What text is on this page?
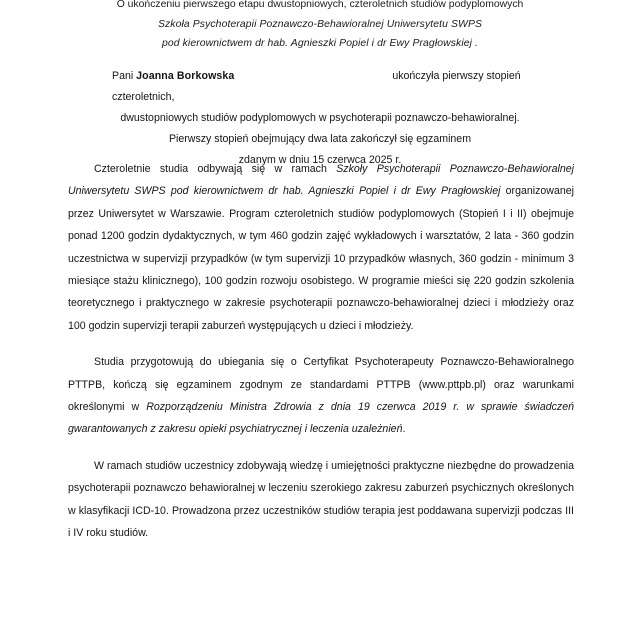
O ukończeniu pierwszego etapu dwustopniowych, czteroletnich studiów podyplomowych
Szkoła Psychoterapii Poznawczo-Behawioralnej Uniwersytetu SWPS
pod kierownictwem dr hab. Agnieszki Popiel i dr Ewy Pragłowskiej .
Pani Joanna Borkowska	ukończyła pierwszy stopień czteroletnich,
dwustopniowych studiów podyplomowych w psychoterapii poznawczo-behawioralnej.
Pierwszy stopień obejmujący dwa lata zakończył się egzaminem
zdanym w dniu 15 czerwca 2025 r.

Czteroletnie studia odbywają się w ramach Szkoły Psychoterapii Poznawczo-Behawioralnej Uniwersytetu SWPS pod kierownictwem dr hab. Agnieszki Popiel i dr Ewy Pragłowskiej organizowanej przez Uniwersytet w Warszawie. Program czteroletnich studiów podyplomowych (Stopień I i II) obejmuje ponad 1200 godzin dydaktycznych, w tym 460 godzin zajęć wykładowych i warsztatów, 2 lata - 360 godzin uczestnictwa w supervizji przypadków (w tym supervizji 10 przypadków własnych, 360 godzin - minimum 3 miesiące stażu klinicznego), 100 godzin rozwoju osobistego. W programie mieści się 220 godzin szkolenia teoretycznego i praktycznego w zakresie psychoterapii poznawczo-behawioralnej dzieci i młodzieży oraz 100 godzin supervizji terapii zaburzeń występujących u dzieci i młodzieży.

Studia przygotowują do ubiegania się o Certyfikat Psychoterapeuty Poznawczo-Behawioralnego PTTPB, kończą się egzaminem zgodnym ze standardami PTTPB (www.pttpb.pl) oraz warunkami określonymi w Rozporządzeniu Ministra Zdrowia z dnia 19 czerwca 2019 r. w sprawie świadczeń gwarantowanych z zakresu opieki psychiatrycznej i leczenia uzależnień.

W ramach studiów uczestnicy zdobywają wiedzę i umiejętności praktyczne niezbędne do prowadzenia psychoterapii poznawczo behawioralnej w leczeniu szerokiego zakresu zaburzeń psychicznych określonych w klasyfikacji ICD-10. Prowadzona przez uczestników studiów terapia jest poddawana supervizji podczas III i IV roku studiów.
